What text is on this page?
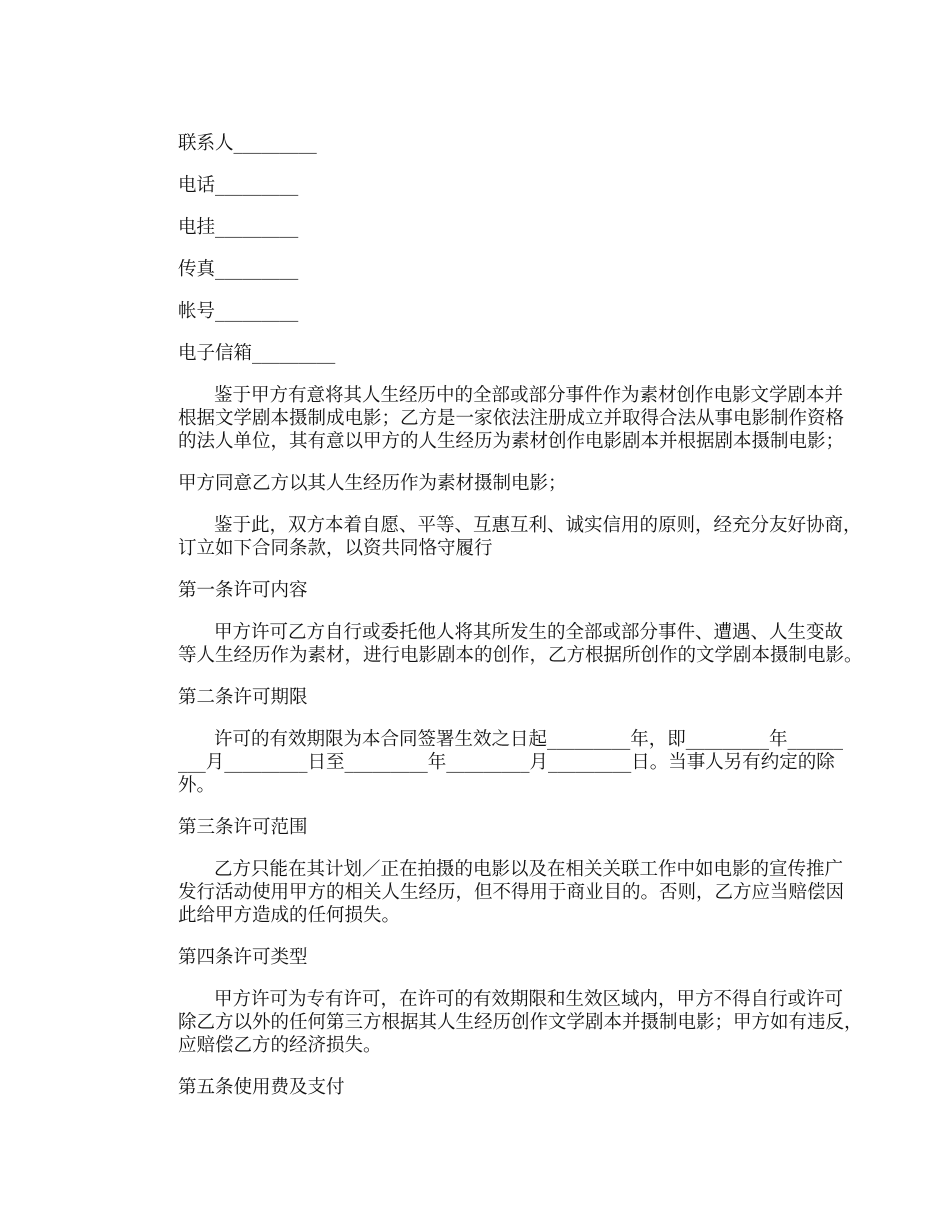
联系人_________
电话_________
电挂_________
传真_________
帐号_________
电子信箱_________
鉴于甲方有意将其人生经历中的全部或部分事件作为素材创作电影文学剧本并
根据文学剧本摄制成电影；乙方是一家依法注册成立并取得合法从事电影制作资格
的法人单位，其有意以甲方的人生经历为素材创作电影剧本并根据剧本摄制电影；
甲方同意乙方以其人生经历作为素材摄制电影；
鉴于此，双方本着自愿、平等、互惠互利、诚实信用的原则，经充分友好协商，
订立如下合同条款，以资共同恪守履行
第一条许可内容
甲方许可乙方自行或委托他人将其所发生的全部或部分事件、遭遇、人生变故
等人生经历作为素材，进行电影剧本的创作，乙方根据所创作的文学剧本摄制电影。
第二条许可期限
许可的有效期限为本合同签署生效之日起_________年，即_________年______
___月_________日至_________年_________月_________日。当事人另有约定的除
外。
第三条许可范围
乙方只能在其计划／正在拍摄的电影以及在相关关联工作中如电影的宣传推广
发行活动使用甲方的相关人生经历，但不得用于商业目的。否则，乙方应当赔偿因
此给甲方造成的任何损失。
第四条许可类型
甲方许可为专有许可，在许可的有效期限和生效区域内，甲方不得自行或许可
除乙方以外的任何第三方根据其人生经历创作文学剧本并摄制电影；甲方如有违反，
应赔偿乙方的经济损失。
第五条使用费及支付
